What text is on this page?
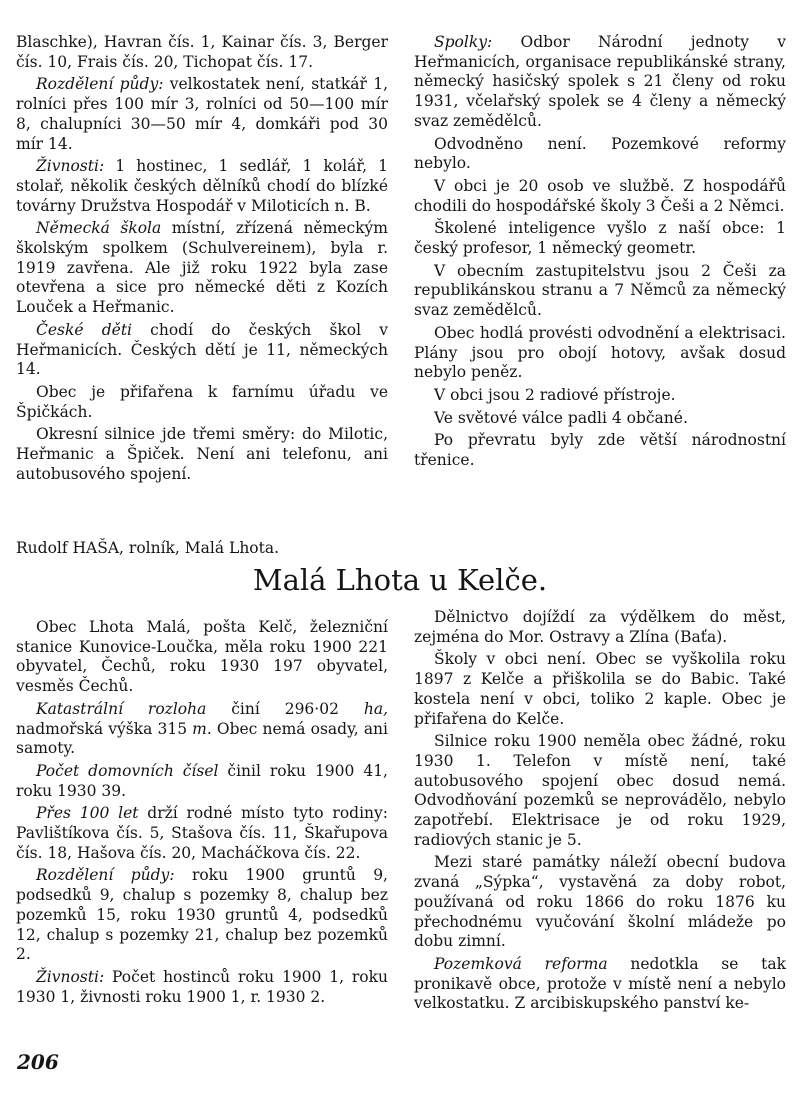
Blaschke), Havran čís. 1, Kainar čís. 3, Berger čís. 10, Frais čís. 20, Tichopat čís. 17.

Rozdělení půdy: velkostatek není, statkář 1, rolníci přes 100 mír 3, rolníci od 50—100 mír 8, chalupníci 30—50 mír 4, domkáři pod 30 mír 14.

Živnosti: 1 hostinec, 1 sedlář, 1 kolář, 1 stolař, několik českých dělníků chodí do blízké továrny Družstva Hospodář v Miloticích n. B.

Německá škola místní, zřízená německým školským spolkem (Schulvereinem), byla r. 1919 zavřena. Ale již roku 1922 byla zase otevřena a sice pro německé děti z Kozích Louček a Heřmanic.

České děti chodí do českých škol v Heřmanicích. Českých dětí je 11, německých 14.

Obec je přifařena k farnímu úřadu ve Špičkách.

Okresní silnice jde třemi směry: do Milotic, Heřmanic a Špiček. Není ani telefonu, ani autobusového spojení.

Spolky: Odbor Národní jednoty v Heřmanicích, organisace republikánské strany, německý hasičský spolek s 21 členy od roku 1931, včelařský spolek se 4 členy a německý svaz zemědělců.

Odvodněno není. Pozemkové reformy nebylo.

V obci je 20 osob ve službě. Z hospodářů chodili do hospodářské školy 3 Češi a 2 Němci.

Školené inteligence vyšlo z naší obce: 1 český profesor, 1 německý geometr.

V obecním zastupitelstvu jsou 2 Češi za republikánskou stranu a 7 Němců za německý svaz zemědělců.

Obec hodlá provésti odvodnění a elektrisaci. Plány jsou pro obojí hotovy, avšak dosud nebylo peněz.

V obci jsou 2 radiové přístroje.

Ve světové válce padli 4 občané.

Po převratu byly zde větší národnostní třenice.

Rudolf HAŠA, rolník, Malá Lhota.
Malá Lhota u Kelče.

Obec Lhota Malá, pošta Kelč, železniční stanice Kunovice-Loučka, měla roku 1900 221 obyvatel, Čechů, roku 1930 197 obyvatel, vesměs Čechů.

Katastrální rozloha činí 296·02 ha, nadmořská výška 315 m. Obec nemá osady, ani samoty.

Počet domovních čísel činil roku 1900 41, roku 1930 39.

Přes 100 let drží rodné místo tyto rodiny: Pavlištíkova čís. 5, Stašova čís. 11, Škařupova čís. 18, Hašova čís. 20, Macháčkova čís. 22.

Rozdělení půdy: roku 1900 gruntů 9, podsedků 9, chalup s pozemky 8, chalup bez pozemků 15, roku 1930 gruntů 4, podsedků 12, chalup s pozemky 21, chalup bez pozemků 2.

Živnosti: Počet hostinců roku 1900 1, roku 1930 1, živnosti roku 1900 1, r. 1930 2.

Dělnictvo dojíždí za výdělkem do měst, zejména do Mor. Ostravy a Zlína (Baťa).

Školy v obci není. Obec se vyškolila roku 1897 z Kelče a přiškolila se do Babic. Také kostela není v obci, toliko 2 kaple. Obec je přifařena do Kelče.

Silnice roku 1900 neměla obec žádné, roku 1930 1. Telefon v místě není, také autobusového spojení obec dosud nemá. Odvodňování pozemků se neprovádělo, nebylo zapotřebí. Elektrisace je od roku 1929, radiových stanic je 5.

Mezi staré památky náleží obecní budova zvaná „Sýpka“, vystavěná za doby robot, používaná od roku 1866 do roku 1876 ku přechodnému vyučování školní mládeže po dobu zimní.

Pozemková reforma nedotkla se tak pronikavě obce, protože v místě není a nebylo velkostatku. Z arcibiskupského panství ke-

206
